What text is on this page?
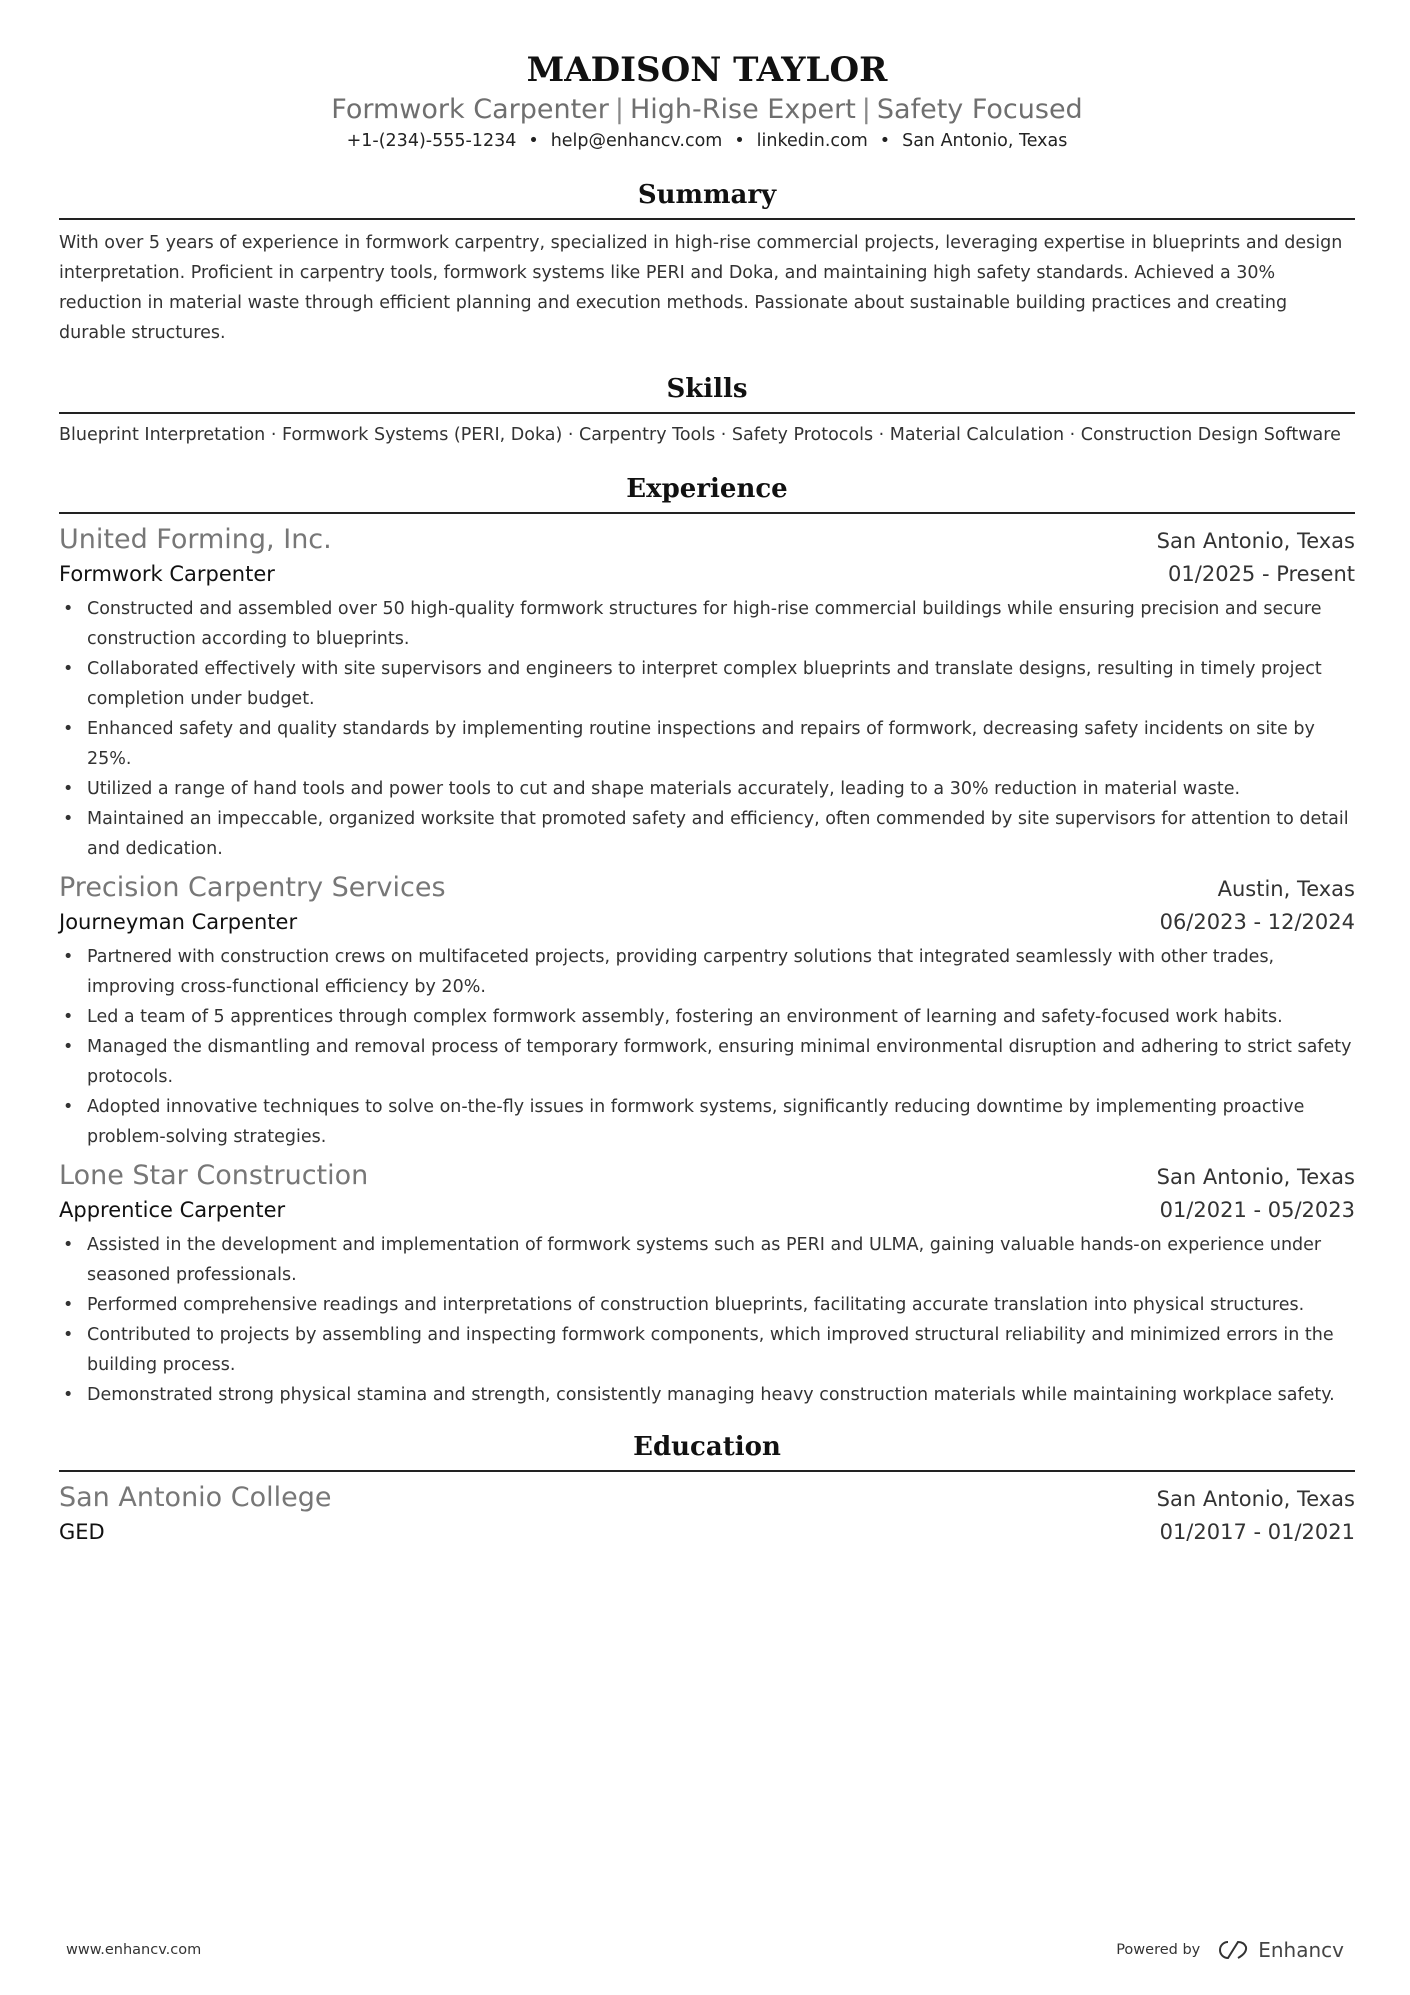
MADISON TAYLOR
Formwork Carpenter | High-Rise Expert | Safety Focused
+1-(234)-555-1234 • help@enhancv.com • linkedin.com • San Antonio, Texas
Summary
With over 5 years of experience in formwork carpentry, specialized in high-rise commercial projects, leveraging expertise in blueprints and design interpretation. Proficient in carpentry tools, formwork systems like PERI and Doka, and maintaining high safety standards. Achieved a 30% reduction in material waste through efficient planning and execution methods. Passionate about sustainable building practices and creating durable structures.
Skills
Blueprint Interpretation · Formwork Systems (PERI, Doka) · Carpentry Tools · Safety Protocols · Material Calculation · Construction Design Software
Experience
United Forming, Inc.	San Antonio, Texas
Formwork Carpenter	01/2025 - Present
• Constructed and assembled over 50 high-quality formwork structures for high-rise commercial buildings while ensuring precision and secure construction according to blueprints.
• Collaborated effectively with site supervisors and engineers to interpret complex blueprints and translate designs, resulting in timely project completion under budget.
• Enhanced safety and quality standards by implementing routine inspections and repairs of formwork, decreasing safety incidents on site by 25%.
• Utilized a range of hand tools and power tools to cut and shape materials accurately, leading to a 30% reduction in material waste.
• Maintained an impeccable, organized worksite that promoted safety and efficiency, often commended by site supervisors for attention to detail and dedication.
Precision Carpentry Services	Austin, Texas
Journeyman Carpenter	06/2023 - 12/2024
• Partnered with construction crews on multifaceted projects, providing carpentry solutions that integrated seamlessly with other trades, improving cross-functional efficiency by 20%.
• Led a team of 5 apprentices through complex formwork assembly, fostering an environment of learning and safety-focused work habits.
• Managed the dismantling and removal process of temporary formwork, ensuring minimal environmental disruption and adhering to strict safety protocols.
• Adopted innovative techniques to solve on-the-fly issues in formwork systems, significantly reducing downtime by implementing proactive problem-solving strategies.
Lone Star Construction	San Antonio, Texas
Apprentice Carpenter	01/2021 - 05/2023
• Assisted in the development and implementation of formwork systems such as PERI and ULMA, gaining valuable hands-on experience under seasoned professionals.
• Performed comprehensive readings and interpretations of construction blueprints, facilitating accurate translation into physical structures.
• Contributed to projects by assembling and inspecting formwork components, which improved structural reliability and minimized errors in the building process.
• Demonstrated strong physical stamina and strength, consistently managing heavy construction materials while maintaining workplace safety.
Education
San Antonio College	San Antonio, Texas
GED	01/2017 - 01/2021
www.enhancv.com	Powered by	Enhancv
